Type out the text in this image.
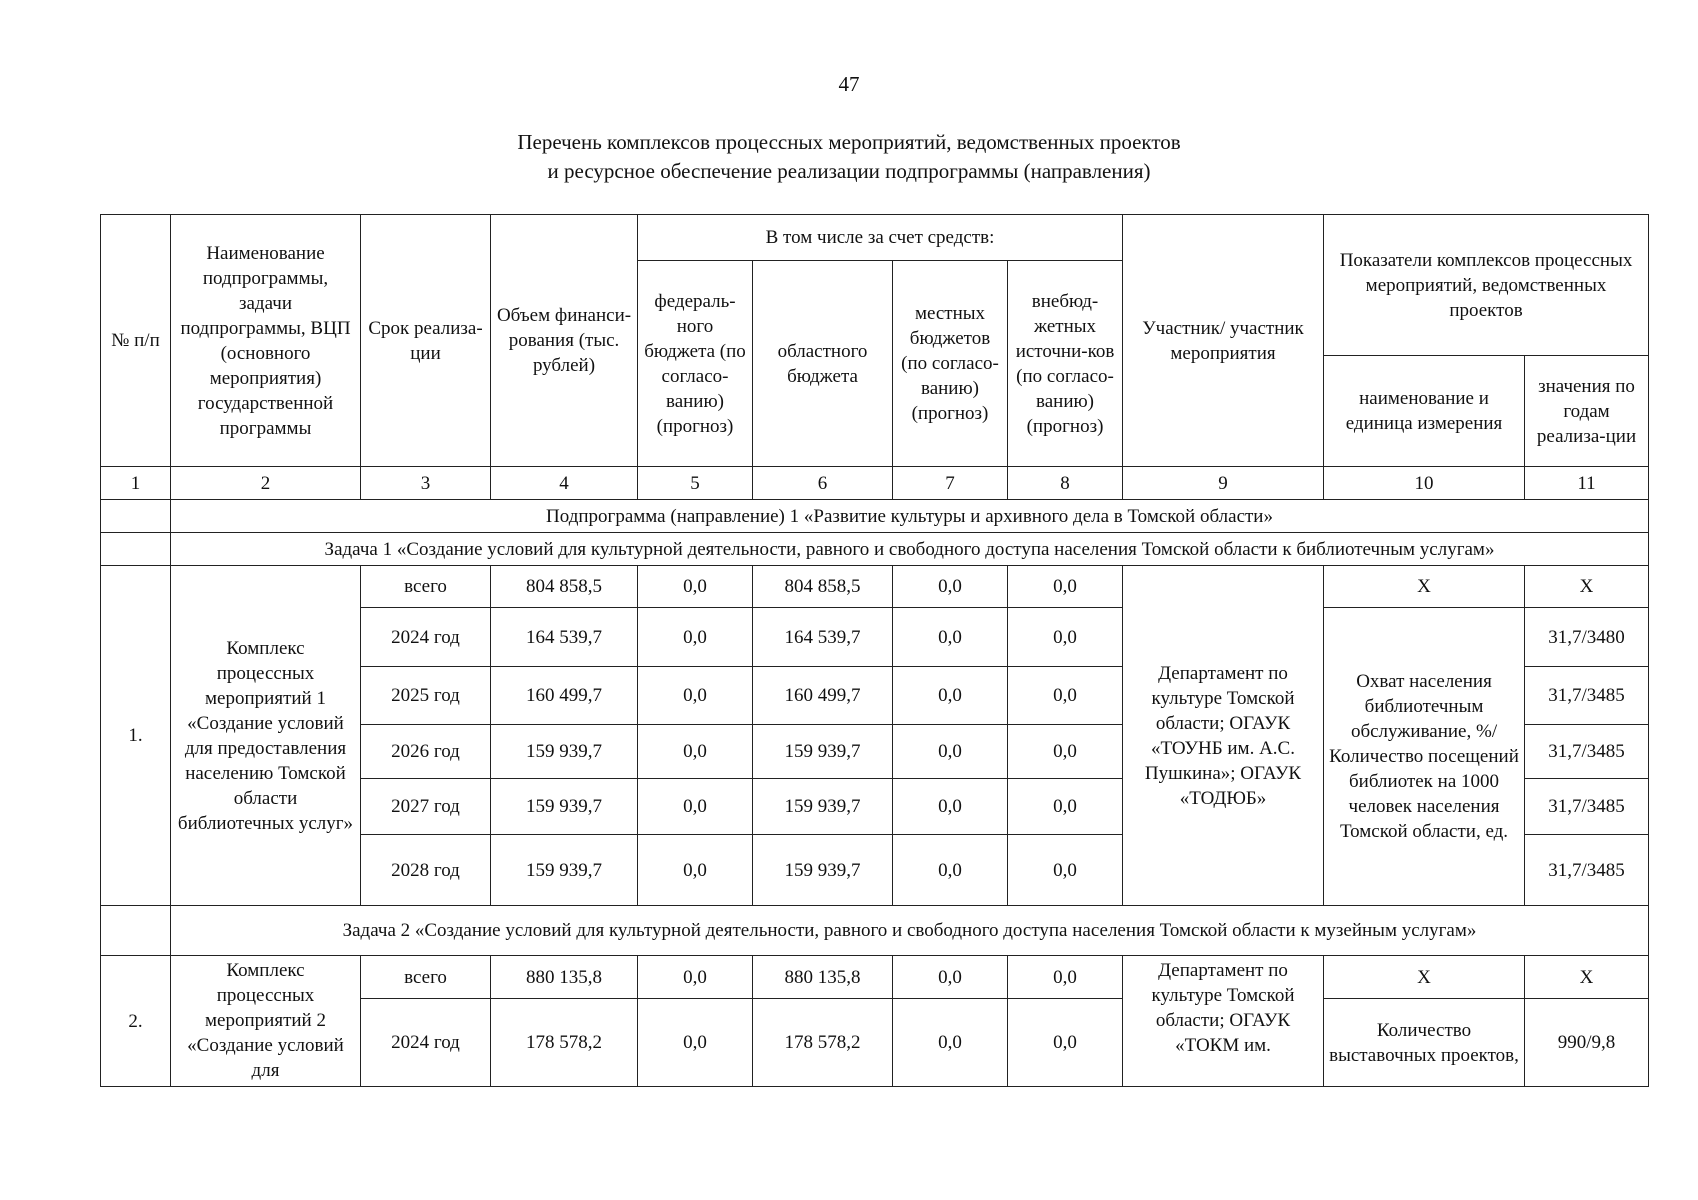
47
Перечень комплексов процессных мероприятий, ведомственных проектов
и ресурсное обеспечение реализации подпрограммы (направления)
№ п/п	Наименование подпрограммы, задачи подпрограммы, ВЦП (основного мероприятия) государственной программы	Срок реализа-ции	Объем финанси-рования (тыс. рублей)	В том числе за счет средств:				Участник/ участник мероприятия	Показатели комплексов процессных мероприятий, ведомственных проектов	
				федераль-ного бюджета (по согласо-ванию) (прогноз)	областного бюджета	местных бюджетов (по согласо-ванию) (прогноз)	внебюд-жетных источни-ков (по согласо-ванию) (прогноз)			
									наименование и единица измерения	значения по годам реализа-ции
1	2	3	4	5	6	7	8	9	10	11
	Подпрограмма (направление) 1 «Развитие культуры и архивного дела в Томской области»									
	Задача 1 «Создание условий для культурной деятельности, равного и свободного доступа населения Томской области к библиотечным услугам»									
1.	Комплекс процессных мероприятий 1 «Создание условий для предоставления населению Томской области библиотечных услуг»	всего	804 858,5	0,0	804 858,5	0,0	0,0	Департамент по культуре Томской области; ОГАУК «ТОУНБ им. А.С. Пушкина»; ОГАУК «ТОДЮБ»	Х	Х
		2024 год	164 539,7	0,0	164 539,7	0,0	0,0		Охват населения библиотечным обслуживание, %/ Количество посещений библиотек на 1000 человек населения Томской области, ед.	31,7/3480
		2025 год	160 499,7	0,0	160 499,7	0,0	0,0			31,7/3485
		2026 год	159 939,7	0,0	159 939,7	0,0	0,0			31,7/3485
		2027 год	159 939,7	0,0	159 939,7	0,0	0,0			31,7/3485
		2028 год	159 939,7	0,0	159 939,7	0,0	0,0			31,7/3485
	Задача 2 «Создание условий для культурной деятельности, равного и свободного доступа населения Томской области к музейным услугам»									
2.	Комплекс процессных мероприятий 2 «Создание условий для	всего	880 135,8	0,0	880 135,8	0,0	0,0	Департамент по культуре Томской области; ОГАУК «ТОКМ им.	Х	Х
		2024 год	178 578,2	0,0	178 578,2	0,0	0,0		Количество выставочных проектов,	990/9,8
